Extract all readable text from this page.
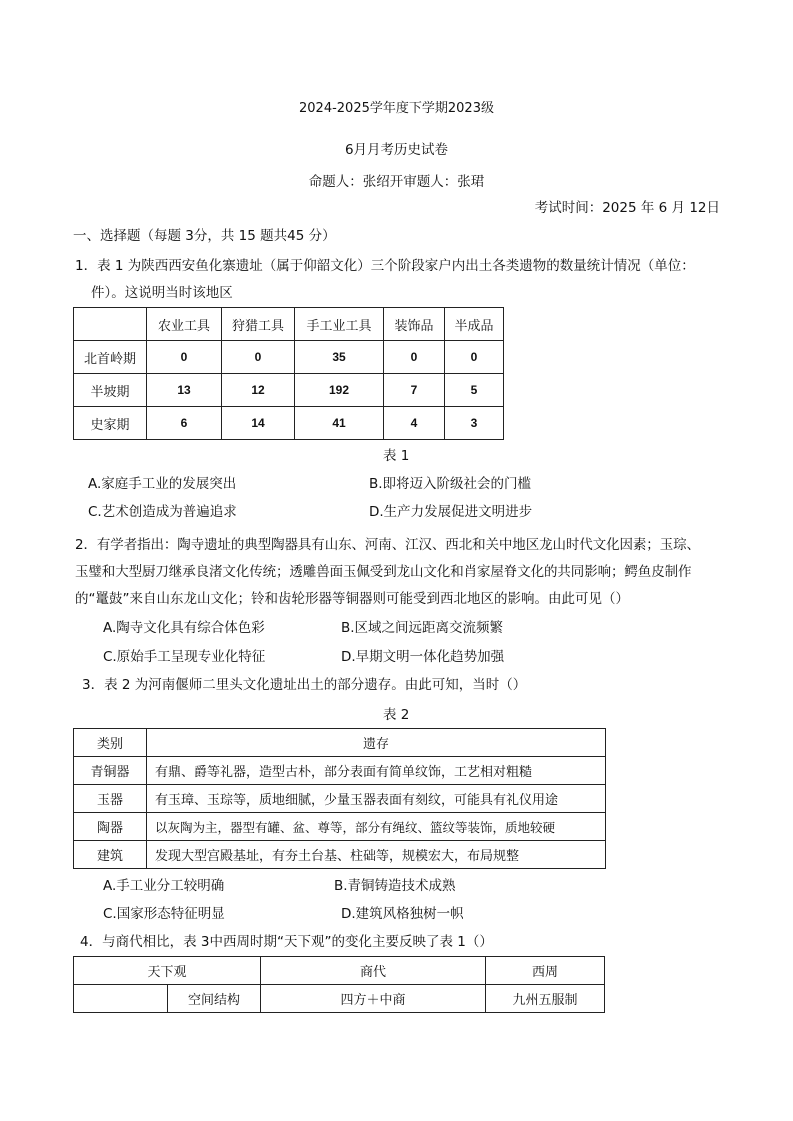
2024-2025学年度下学期2023级
6月月考历史试卷
命题人：张绍开审题人：张珺
考试时间：2025 年 6 月 12日
一、选择题（每题 3分，共 15 题共45 分）
1．表 1 为陕西西安鱼化寨遗址（属于仰韶文化）三个阶段家户内出土各类遗物的数量统计情况（单位：
件）。这说明当时该地区
	农业工具	狩猎工具	手工业工具	装饰品	半成品
北首岭期	0	0	35	0	0
半坡期	13	12	192	7	5
史家期	6	14	41	4	3
表 1
A.家庭手工业的发展突出	B.即将迈入阶级社会的门槛
C.艺术创造成为普遍追求	D.生产力发展促进文明进步
2．有学者指出：陶寺遗址的典型陶器具有山东、河南、江汉、西北和关中地区龙山时代文化因素；玉琮、
玉璧和大型厨刀继承良渚文化传统；透雕兽面玉佩受到龙山文化和肖家屋脊文化的共同影响；鳄鱼皮制作
的“鼍鼓”来自山东龙山文化；铃和齿轮形器等铜器则可能受到西北地区的影响。由此可见（）
A.陶寺文化具有综合体色彩	B.区域之间远距离交流频繁
C.原始手工呈现专业化特征	D.早期文明一体化趋势加强
3．表 2 为河南偃师二里头文化遗址出土的部分遗存。由此可知，当时（）
表 2
类别	遗存
青铜器	有鼎、爵等礼器，造型古朴，部分表面有简单纹饰，工艺相对粗糙
玉器	有玉璋、玉琮等，质地细腻，少量玉器表面有刻纹，可能具有礼仪用途
陶器	以灰陶为主，器型有罐、盆、尊等，部分有绳纹、篮纹等装饰，质地较硬
建筑	发现大型宫殿基址，有夯土台基、柱础等，规模宏大，布局规整
A.手工业分工较明确	B.青铜铸造技术成熟
C.国家形态特征明显	D.建筑风格独树一帜
4．与商代相比，表 3中西周时期“天下观”的变化主要反映了表 1（）
天下观		商代	西周
	空间结构	四方＋中商	九州五服制
